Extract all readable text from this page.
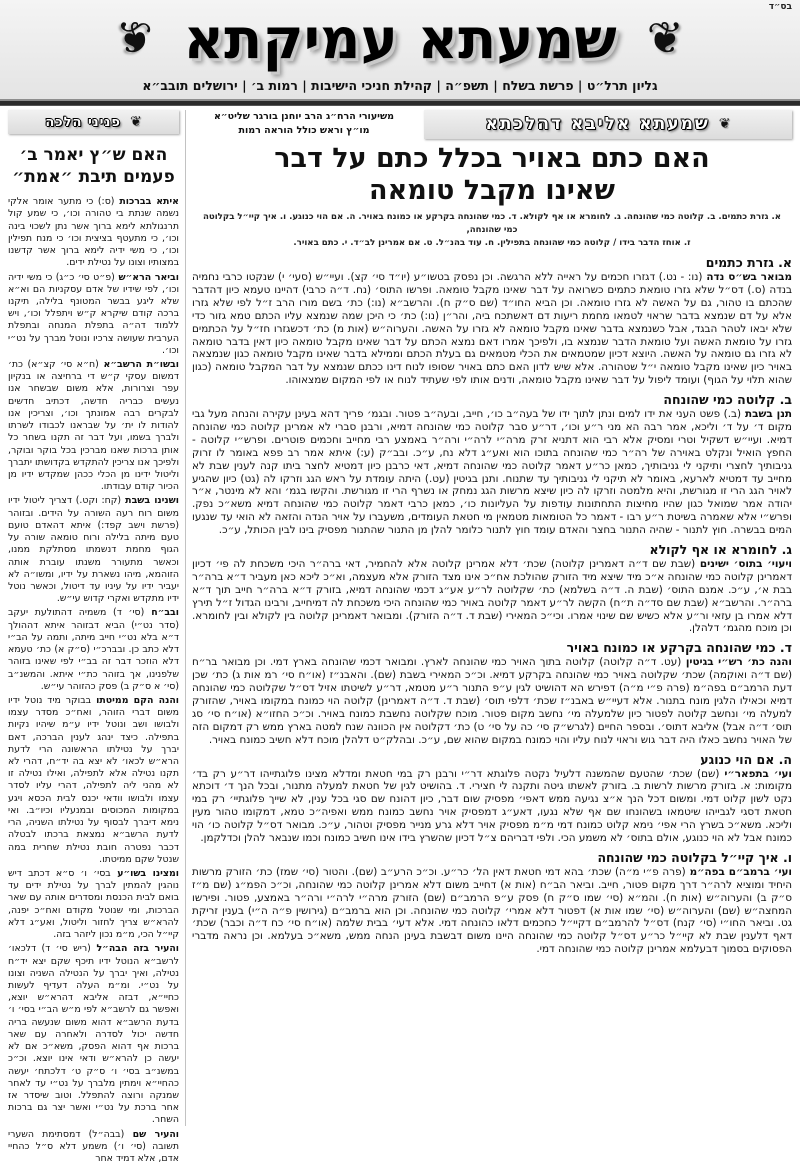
בס״ד
❦
שמעתא עמיקתא
❦
גליון תרל״ט | פרשת בשלח | תשפ״ה | קהילת חניכי הישיבות | רמות ב׳ | ירושלים תובב״א
❦
שמעתא אליבא דהלכתא
משיעורי הרח״ג הרב יוחנן בורגר שליט״א
מו״ץ וראש כולל הוראה רמות
האם כתם באויר בכלל כתם על דבר
שאינו מקבל טומאה
א. גזרת כתמים. ב. קלוטה כמי שהונחה. ג. לחומרא או אף לקולא. ד. כמי שהונחה בקרקע או כמונח באויר. ה. אם הוי כנוגע. ו. איך קיי״ל בקלוטה כמי שהונחה,
ז. אוחז הדבר בידו / קלוטה כמי שהונחה בתפילין. ח. עוד בהנ״ל. ט. אם אמרינן לב״ד. י. כתם באויר.
א. גזרת כתמים

מבואר בש״ס נדה (נו: - נט.) דגזרו חכמים על ראייה ללא הרגשה. וכן נפסק בטשו״ע (יו״ד סי׳ קצ). ועיי״ש (סעי׳ י) שנקטו כרבי נחמיה בנדה (ס.) דס״ל שלא גזרו טומאת כתמים כשרואה על דבר שאינו מקבל טומאה. ופרשו התוס׳ (נח. ד״ה כרבי) דהיינו טעמא כיון דהדבר שהכתם בו טהור, גם על האשה לא גזרו טומאה. וכן הביא החו״ד (שם ס״ק ח). והרשב״א (נו:) כת׳ בשם מורו הרב ז״ל לפי שלא גזרו אלא על דם שנמצא בדבר שראוי לטמאו מחמת ריעות דם דאשתכח ביה, והר״ן (נו:) כת׳ כי היכן שמה שנמצא עליו הכתם טמא גזור כדי שלא יבאו לטהר הבגד, אבל כשנמצא בדבר שאינו מקבל טומאה לא גזרו על האשה. והערוה״ש (אות מ) כת׳ דכשגזרו חז״ל על הכתמים גזרו על טומאת האשה ועל טומאת הדבר שנמצא בו, ולפיכך אמרו דאם נמצא הכתם על דבר שאינו מקבל טומאה כיון דאין בדבר טומאה לא גזרו גם טומאה על האשה. היוצא דכיון שמטמאים את הכלי מטמאים גם בעלת הכתם וממילא בדבר שאינו מקבל טומאה כגון שנמצאה באויר כיון שאינו מקבל טומאה י״ל שטהורה. אלא שיש לדון האם כתם באויר שסופו לנוח דינו ככתם שנמצא על דבר המקבל טומאה (כגון שהוא תלוי על הגוף) ועומד ליפול על דבר שאינו מקבל טומאה, ודנים אותו לפי שעתיד לנוח או לפי המקום שמצאוהו.

ב. קלוטה כמי שהונחה

תנן בשבת (ב.) פשט העני את ידו למים ונתן לתוך ידו של בעה״ב כו׳, חייב, ובעה״ב פטור. ובגמ׳ פריך דהא בעינן עקירה והנחה מעל גבי מקום ד׳ על ד׳ וליכא, אמר רבה הא מני ר״ע וכו׳, דר״ע סבר קלוטה כמי שהונחה דמיא, ורבנן סברי לא אמרינן קלוטה כמי שהונחה דמיא. ועיי״ש דשקיל וטרי ומסיק אלא רבי הוא דתניא זרק מרה״י לרה״י ורה״ר באמצע רבי מחייב וחכמים פוטרים. ופרש״י קלוטה - החפץ הואיל ונקלט באוירה של רה״ר כמי שהונחה בתוכו הוא ואע״ג דלא נח, ע״כ. ובב״ק (ע:) איתא אמר רב פפא באומר לו זרוק גניבותיך לחצרי ותיקני לי גניבותיך, כמאן כר״ע דאמר קלוטה כמי שהונחה דמיא, דאי כרבנן כיון דמטיא לחצר ביתו קנה לענין שבת לא מחייב עד דמטיא לארעא, באומר לא תיקני לי גניבותיך עד שתנוח. ותנן בגיטין (עט.) היתה עומדת על ראש הגג וזרקו לה (גט) כיון שהגיע לאויר הגג הרי זו מגורשת, והיא מלמטה וזרקו לה כיון שיצא מרשות הגג נמחק או נשרף הרי זו מגורשת. והקשו בגמ׳ והא לא מינטר, א״ר יהודה אמר שמואל כגון שהיו מחיצות התחתונות עודפות על העליונות כו׳, כמאן כרבי דאמר קלוטה כמי שהונחה דמיא משא״כ נפק. ופרש״י אלא שאמרה בשיטת ר״ע רבו - דאמר כל הטומאות מטמאין מי חטאת העומדים, משעברו על אויר הנדה והזאה לא הואי עד שנגעו המים בבשרה. חוץ לתנור - שהיה התנור בחצר והאדם עומד חוץ לתנור כלומר להלן מן התנור שהתנור מפסיק בינו לבין הכותל, ע״כ.

ג. לחומרא או אף לקולא

ויעוי׳ בתוס׳ ישינים (שבת שם ד״ה דאמרינן קלוטה) שכת׳ דלא אמרינן קלוטה אלא להחמיר, דאי ברה״ר היכי משכחת לה פי׳ דכיון דאמרינן קלוטה כמי שהונחה א״כ מיד שיצא מיד הזורק שהולכת אח״כ אינו מצד הזורק אלא מעצמה, וא״כ ליכא כאן מעביר ד״א ברה״ר בבת א׳, ע״כ. אמנם התוס׳ (שבת ה. ד״ה בשלמא) כת׳ שקלוטה לר״ע אע״ג דכמי שהונחה דמיא, בזורק ד״א ברה״ר חייב תוך ד״א ברה״ר. והרשב״א (שבת שם סד״ה ת״ח) הקשה לר״ע דאמר קלוטה באויר כמי שהונחה היכי משכחת לה דמיחייב, ורבינו הגדול ז״ל תירץ דלא אמרו בן עזאי ור״ע אלא כשיש שם שינוי אמרו. וכי״כ המאירי (שבת ד. ד״ה הזורק). ומבואר דאמרינן קלוטה בין לקולא ובין לחומרא. וכן מוכח מהגמ׳ דלהלן.

ד. כמי שהונחה בקרקע או כמונח באויר

והנה כת׳ רש״י בגיטין (עט. ד״ה קלוטה) קלוטה בתוך האויר כמי שהונחה לארץ. ומבואר דכמי שהונחה בארץ דמי. וכן מבואר בר״ח (שם ד״ה ואוקמה) שכת׳ שקלוטה באויר כמי שהונחה בקרקע דמיא. וכ״כ המאירי בשבת (שם). והאבנ״ז (או״ח סי׳ רמ אות ג) כת׳ שכן דעת הרמב״ם בפה״מ (פרה פ״י מ״ה) דפירש הא דהושיט לגין ע״פ התנור ר״ע מטמא, דר״ע לשיטתו אזיל דס״ל שקלוטה כמי שהונחה דמיא וכאילו הלגין מונח בתנור. אלא דעיי״ש באבנ״ז שכת׳ דלפי תוס׳ (שבת ד. ד״ה דאמרינן) קלוטה הוי כמונח במקומו באויר, שהזורק למעלה מי׳ ונחשב קלוטה לפטור כיון שלמעלה מי׳ נחשב מקום פטור. מוכח שקלוטה נחשבת כמונח באויר. וכ״כ החזו״א (או״ח סי׳ סג תוס׳ ד״ה אבל) אליבא דתוס׳. ובספר החיים (לגרש״ק סי׳ כה על סי׳ ט) כת׳ דקלוטה אין הכוונה שנח למטה בארץ ממש רק דמקום הזה של האויר נחשב כאלו היה דבר גוש וראוי לנוח עליו והוי כמונח במקום שהוא שם, ע״כ. ובהלק״ט דלהלן מוכח דלא חשיב כמונח באויר.

ה. אם הוי כנוגע

ועי׳ בתפאר״י (שם) שכת׳ שהטעם שהמשנה דלעיל נקטה פלוגתא דר״י ורבנן רק במי חטאת ומדלא מצינו פלוגתייהו דר״ע רק בד׳ מקומות: א. בזורק מרשות לרשות ב. בזורק לאשתו גיטה ותקנה לי חצירי. ד. בהושיט לגין של חטאת למעלה מתנור, ובכל הנך ד׳ דוכתא נקט לשון קלוט דמי. ומשום דכל הנך א״צ נגיעה ממש דאפי׳ מפסיק שום דבר, כיון דהונח שם סגי בכל ענין, לא שייך פלוגתיי׳ רק במי חטאת דסגי לגבייהו שיטמאו בשהונחו שם אף שלא נגעו, דאע״ג דמפסיק אויר נחשב כמונח ממש ואפיה״כ טמא, דמקומו טהור מעין וליכא. משא״כ בשרץ הרי אפי׳ נימא קלוט כמונח דמי מ״מ מפסיק אויר דלא גרע מנייר מפסיק וטהור, ע״כ. מבואר דס״ל קלוטה כו׳ הוי כמונח אבל לא הוי כנוגע, אולם בתוס׳ לא משמע הכי. ולפי דבריהם צ״ל דכיון שהשרץ בידו אינו חשיב כמונח וכמו שנבאר להלן וכדלקמן.

ו. איך קיי״ל בקלוטה כמי שהונחה

ועי׳ ברמב״ם בפה״מ (פרה פ״י מ״ה) שכת׳ בהא דמי חטאת דאין הל׳ כר״ע. וכ״כ הרע״ב (שם). והטור (סי׳ שמז) כת׳ הזורק מרשות היחיד ומוציא לרה״ר דרך מקום פטור, חייב. וביאר הב״ח (אות א) דחייב משום דלא אמרינן קלוטה כמי שהונחה, וכ״כ הפמ״ג (שם מ״ז ס״ק ב) והערוה״ש (אות ח). והמ״א (סי׳ שמו ס״ק ח) פסק ע״פ הרמב״ם (שם) הזורק מרה״י לרה״י ורה״ר באמצע, פטור. ופירשו המחצה״ש (שם) והערוה״ש (סי׳ שמו אות א) דפטור דלא אמרי׳ קלוטה כמי שהונחה. וכן הוא ברמב״ם (גירושין פ״ה ה״י) בענין זריקת גט. וביאר החו״י (סי׳ קנח) דס״ל להרמב״ם דקיי״ל כחכמים דלאו כהונחה דמי. אלא דעי׳ בבית שלמה (או״ח סי׳ כח ד״ה וכבר) שכת׳ דאף דלענין שבת לא קיי״ל כר״ע דס״ל קלוטה כמי שהונחה היינו משום דבשבת בעינן הנחה ממש, משא״כ בעלמא. וכן נראה מדברי הפסוקים בסמוך דבעלמא אמרינן קלוטה כמי שהונחה דמי.

❦
פניני הלכה
האם ש״ץ יאמר ב׳
פעמים תיבת ״אמת״

איתא בברכות (ס:) כי מתער אומר אלקי נשמה שנתת בי טהורה וכו׳, כי שמע קול תרנגולתא לימא ברוך אשר נתן לשכוי בינה וכו׳, כי מתעטף בציצית וכו׳ כי מנח תפילין וכו׳, כי משי ידיה לימא ברוך אשר קדשנו במצותיו וצונו על נטילת ידים.

וביאר הרא״ש (פ״ט סי׳ כ״ג) כי משי ידיה וכו׳, לפי שידיו של אדם עסקניות הם וא״א שלא ליגע בבשר המטונף בלילה, תיקנו ברכה קודם שיקרא ק״ש ויתפלל וכו׳, ויש ללמוד דה״ה בתפלת המנחה ובתפלת הערבית שעושה צרכיו ונוטל מברך על נט״י וכו׳.

ובשו״ת הרשב״א (ח״א סי׳ קצ״א) כת׳ דמשום עסקי ק״ש די ברחיצה או בנקיון עפר וצרורות, אלא משום שבשחר אנו נעשים כבריה חדשה, דכתיב חדשים לבקרים רבה אמונתך וכו׳, וצריכין אנו להודות לו ית׳ על שבראנו לכבודו לשרתו ולברך בשמו, ועל דבר זה תקנו בשחר כל אותן ברכות שאנו מברכין בכל בוקר ובוקר, ולפיכך אנו צריכין להתקדש בקדושתו יתברך וליטול ידינו מן הכלי ככהן שמקדש ידיו מן הכיור קודם עבודתו.

ושנינו בשבת (קח: וקט.) דצריך ליטול ידיו משום רוח רעה השורה על הידים. ובזוהר (פרשת וישב קפד:) איתא דהאדם טועם טעם מיתה בלילה ורוח טומאה שורה על הגוף מחמת דנשמתו מסתלקת ממנו, וכאשר מתעורר משנתו עוברת אותה הזוהמא, מיהו נשארת על ידיו, ומשו״ה לא יעביר ידיו על עיניו עד דיטול, וכאשר נוטל ידיו מתקדש ואקרי קדוש עי״ש.

ובב״ח (סי׳ ד) משמיה דהתולעת יעקב (סדר נט״י) הביא דבזוהר איתא דההולך ד״א בלא נט״י חייב מיתה, ותמה על הב״י דלא כתב כן. ובברכ״י (ס״ק א) כת׳ טעמא דלא הוזכר דבר זה בב״י לפי שאינו בזוהר שלפנינו, אך בזוהר כת״י איתא. והמשנ״ב (סי׳ א ס״ק ב) פסק כהזוהר עי״ש.

והנה הקם ממיטתו בבוקר מיד נוטל ידיו משום דברי הזוהר, ואח״כ מסדר עצמו ולבושו ושב ונוטל ידיו ע״מ שיהיו נקיות בתפילה. כיצד ינהג לענין הברכה, דאם יברך על נטילתו הראשונה הרי לדעת הרא״ש לכאו׳ לא יצא בה יד״ח, דהרי לא תקנו נטילה אלא לתפילה, ואילו נטילה זו לא מהני ליה לתפילה, דהרי עליו לסדר עצמו ולבושו וודאי יכנס לבית הכסא ויגע במקומות המכוסים ובמנעליו וכיו״ב. ואי נימא דיברך לבסוף על נטילתו השניה, הרי לדעת הרשב״א נמצאת ברכתו לבטלה דכבר נפטרה חובת נטילת שחרית במה שנטל שקם ממיטתו.

ומצינו בשו״ע בסי׳ ו׳ ס״א דכתב דיש נוהגין להמתין לברך על נטילת ידים עד בואם לבית הכנסת ומסדרים אותה עם שאר הברכות, ומי שנוטל מקודם ואח״כ יפנה, להרא״ש צריך לחזור וליטול, ואע״ג דלא קיי״ל הכי, מ״מ נכון ליזהר בזה.

והעיר בזה הבה״ל (ריש סי׳ ד) דלכאו׳ לרשב״א הנוטל ידיו תיכף שקם יצא יד״ח נטילה, ואיך יברך על הנטילה השניה וצונו על נט״י. ומ״מ העלה דעדיף לעשות כחיי״א, דבזה אליבא דהרא״ש יוצא, ואפשר גם לרשב״א לפי מ״ש הב״י בסי׳ ו׳ בדעת הרשב״א דהוא משום שנעשה בריה חדשה יכול לסדרה ולאחרה עם שאר ברכות אף דהוא הפסק, משא״כ אם לא יעשה כן להרא״ש ודאי אינו יוצא. וכ״כ במשנ״ב בסי׳ ו׳ ס״ק ט׳ דלכתח׳ יעשה כהחיי״א וימתין מלברך על נט״י עד לאחר שמנקה ורוצה להתפלל. וטוב שיסדר אז אחר ברכת על נט״י ואשר יצר גם ברכות השחר.

והעיר שם (בבה״ל) דמסתימת השערי תשובה (סי׳ ו׳) משמע דלא ס״ל כהחיי אדם, אלא דמיד אחר
